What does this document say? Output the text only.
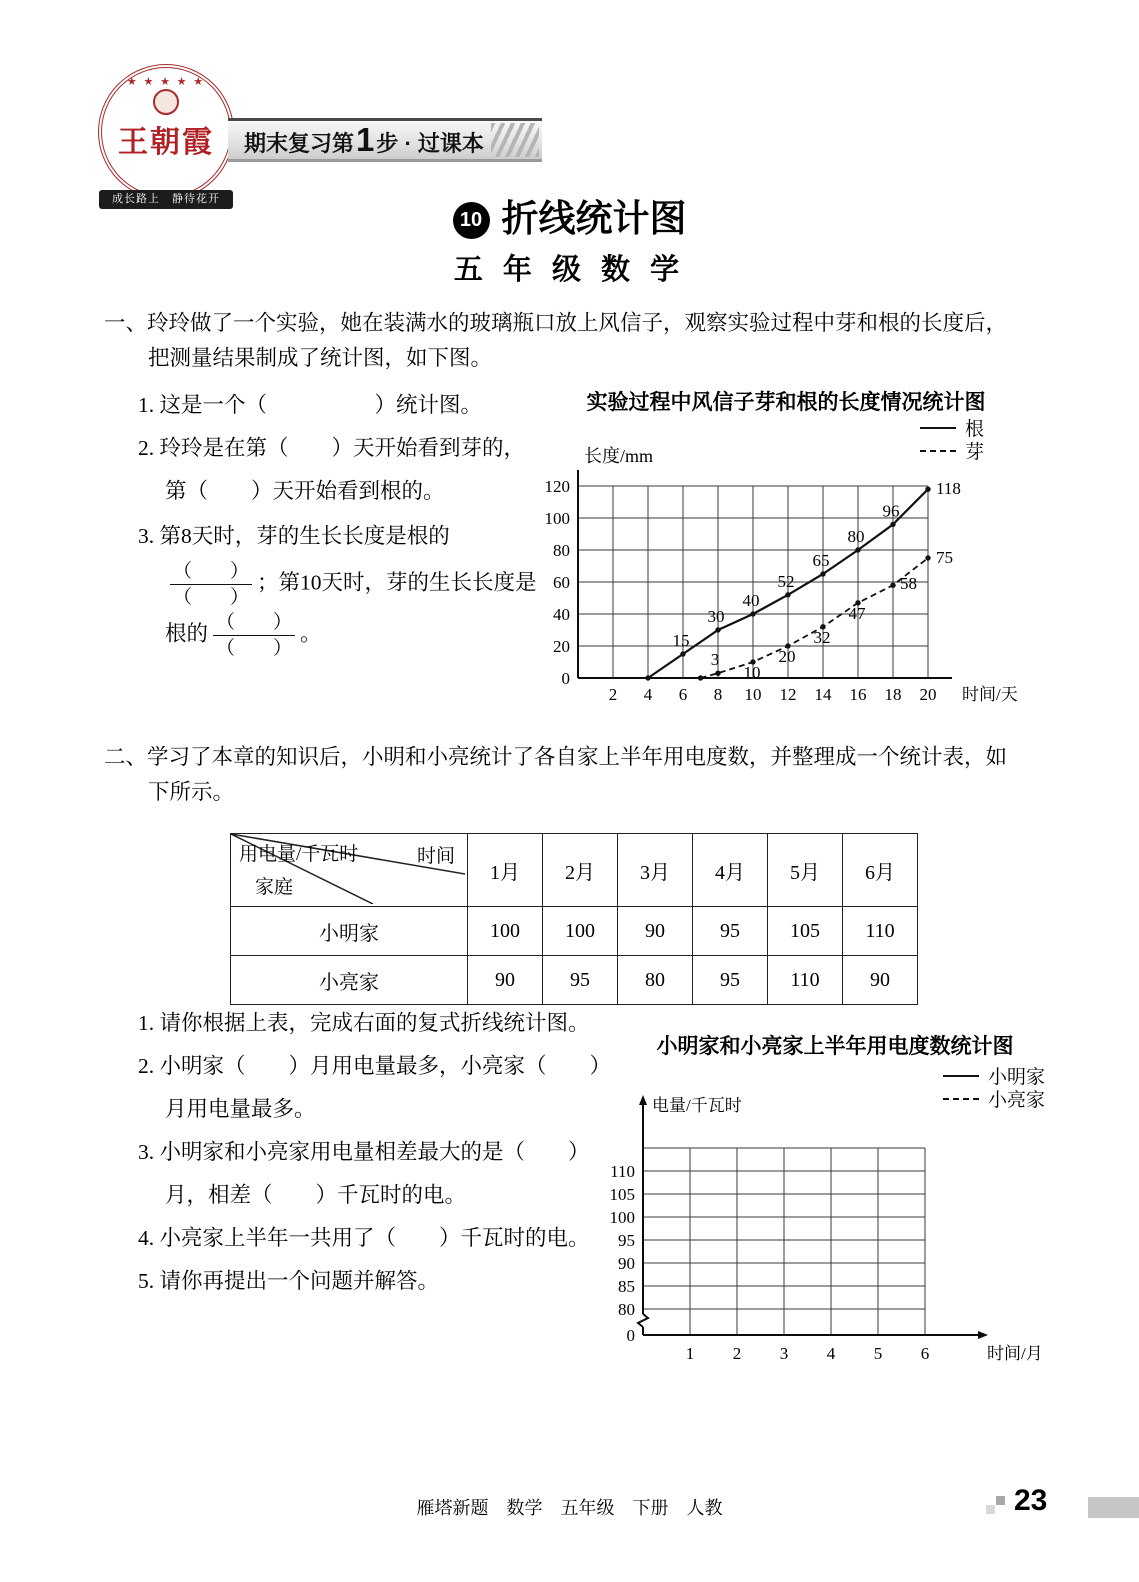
★ ★ ★ ★ ★
王朝霞
成长路上　静待花开
期末复习第1步 · 过课本
10 折线统计图
五 年 级 数 学
一、玲玲做了一个实验，她在装满水的玻璃瓶口放上风信子，观察实验过程中芽和根的长度后，把测量结果制成了统计图，如下图。
1. 这是一个（　　　　　）统计图。
2. 玲玲是在第（　　）天开始看到芽的，第（　　）天开始看到根的。
3. 第8天时，芽的生长长度是根的
$\frac{( )}{( )}$ ；第10天时，芽的生长长度是根的 $\frac{( )}{( )}$ 。
实验过程中风信子芽和根的长度情况统计图
根
芽
长度/mm
0
20
40
60
80
100
120
2 4 6 8 10 12 14 16 18 20 时间/天
15
30
40
52
65
80
96
118
3
10
20
32
47
58
75
二、学习了本章的知识后，小明和小亮统计了各自家上半年用电度数，并整理成一个统计表，如下所示。
用电量/千瓦时 时间
家庭	1月	2月	3月	4月	5月	6月
小明家	100	100	90	95	105	110
小亮家	90	95	80	95	110	90
1. 请你根据上表，完成右面的复式折线统计图。
2. 小明家（　　）月用电量最多，小亮家（　　）月用电量最多。
3. 小明家和小亮家用电量相差最大的是（　　）月，相差（　　）千瓦时的电。
4. 小亮家上半年一共用了（　　）千瓦时的电。
5. 请你再提出一个问题并解答。
小明家和小亮家上半年用电度数统计图
小明家
小亮家
电量/千瓦时
时间/月
0
80
85
90
95
100
105
110
1 2 3 4 5 6
雁塔新题　数学　五年级　下册　人教	23
